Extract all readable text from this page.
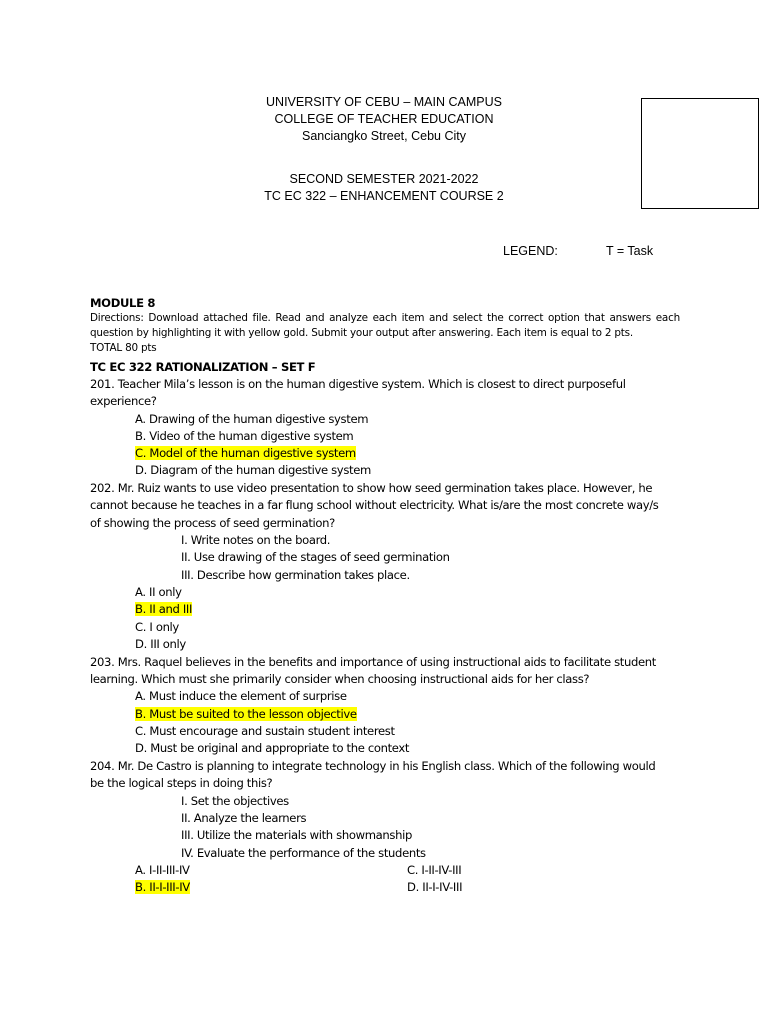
UNIVERSITY OF CEBU – MAIN CAMPUS
COLLEGE OF TEACHER EDUCATION
Sanciangko Street, Cebu City
SECOND SEMESTER 2021-2022
TC EC 322 – ENHANCEMENT COURSE 2
LEGEND:	T = Task
MODULE 8
Directions: Download attached file. Read and analyze each item and select the correct option that answers each
question by highlighting it with yellow gold. Submit your output after answering. Each item is equal to 2 pts.
TOTAL 80 pts
TC EC 322 RATIONALIZATION – SET F
201. Teacher Mila’s lesson is on the human digestive system. Which is closest to direct purposeful
experience?
A. Drawing of the human digestive system
B. Video of the human digestive system
C. Model of the human digestive system
D. Diagram of the human digestive system
202. Mr. Ruiz wants to use video presentation to show how seed germination takes place. However, he
cannot because he teaches in a far flung school without electricity. What is/are the most concrete way/s
of showing the process of seed germination?
I. Write notes on the board.
II. Use drawing of the stages of seed germination
III. Describe how germination takes place.
A. II only
B. II and III
C. I only
D. III only
203. Mrs. Raquel believes in the benefits and importance of using instructional aids to facilitate student
learning. Which must she primarily consider when choosing instructional aids for her class?
A. Must induce the element of surprise
B. Must be suited to the lesson objective
C. Must encourage and sustain student interest
D. Must be original and appropriate to the context
204. Mr. De Castro is planning to integrate technology in his English class. Which of the following would
be the logical steps in doing this?
I. Set the objectives
II. Analyze the learners
III. Utilize the materials with showmanship
IV. Evaluate the performance of the students
A. I-II-III-IV	C. I-II-IV-III
B. II-I-III-IV	D. II-I-IV-III
